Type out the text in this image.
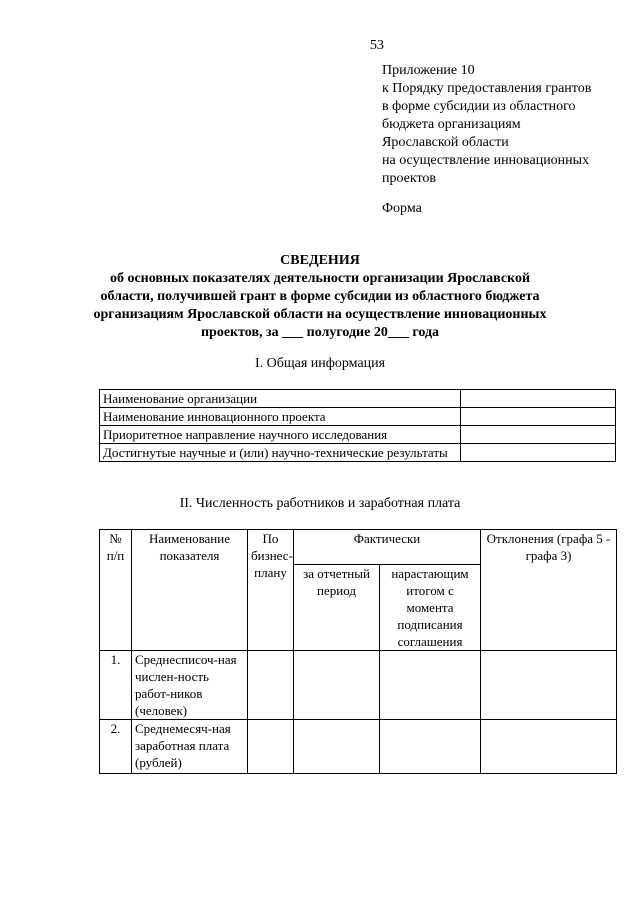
53
Приложение 10
к Порядку предоставления грантов
в форме субсидии из областного
бюджета организациям
Ярославской области
на осуществление инновационных
проектов
Форма
СВЕДЕНИЯ
об основных показателях деятельности организации Ярославской
области, получившей грант в форме субсидии из областного бюджета
организациям Ярославской области на осуществление инновационных
проектов, за ___ полугодие 20___ года
I. Общая информация
Наименование организации	
Наименование инновационного проекта	
Приоритетное направление научного исследования	
Достигнутые научные и (или) научно-технические результаты	
II. Численность работников и заработная плата
№ п/п	Наименование показателя	По бизнес-плану	Фактически		Отклонения (графа 5 - графа 3)
			за отчетный период	нарастающим итогом с момента подписания соглашения	
1.	Среднесписоч-ная числен-ность работ-ников (человек)				
2.	Среднемесяч-ная заработная плата (рублей)				
